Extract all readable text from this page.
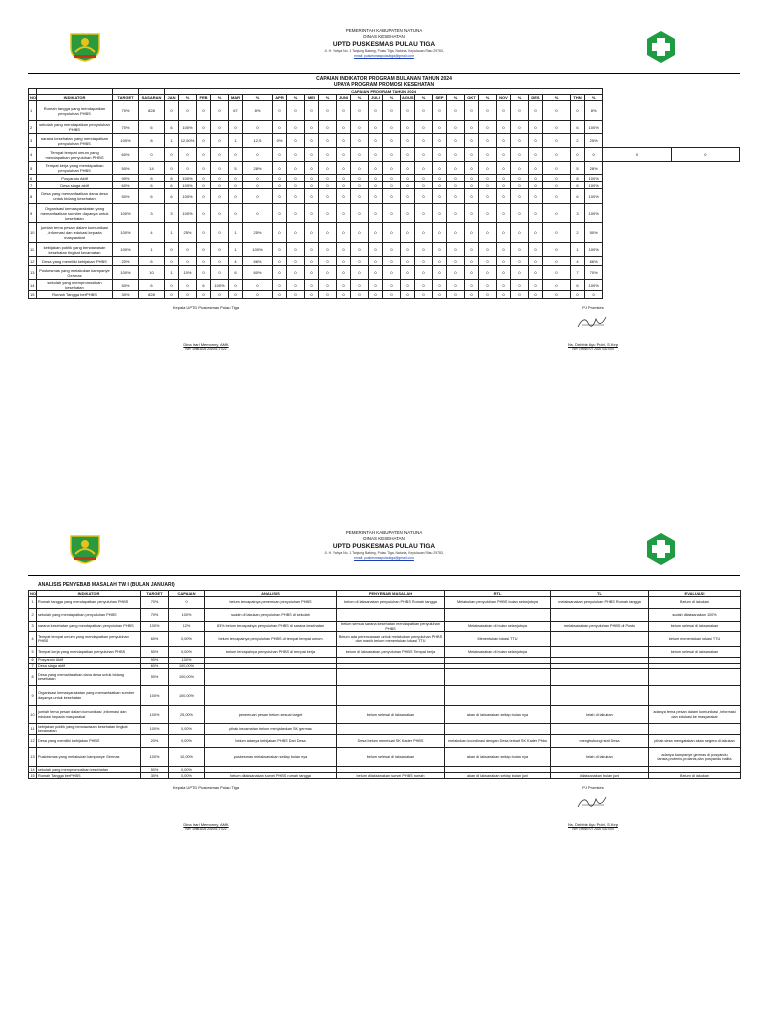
PEMERINTAH KABUPATEN NATUNA
DINAS KESEHATAN
UPTD PUSKESMAS PULAU TIGA
Jl. H. Yahya No. 1 Tanjung Batang, Pulau Tiga, Natuna, Kepulauan Riau 29783,
email: puskesmaspulautiga@gmail.com
CAPAIAN INDIKATOR PROGRAM BULANAN TAHUN 2024
UPAYA PROGRAM PROMOSI KESEHATAN
				CAPAIAN PROGRAM TAHUN 2024																											
NO	INDIKATOR	TARGET	SASARAN	JAN	%	FEB	%	MAR	%	APR	%	MEI	%	JUNI	%	JULI	%	AGUS	%	SEP	%	OKT	%	NOV	%	DES	%	THN	%		
1	Rumah tangga yang mendapatkan penyuluhan PHBS	70%	828	0	0	0	0	67	8%	0	0	0	0	0	0	0	0	0	0	0	0	0	0	0	0	0	0	0	8%		
2	sekolah yang mendapatkan penyuluhan PHBS	70%	6	6	100%	0	0	0	0	0	0	0	0	0	0	0	0	0	0	0	0	0	0	0	0	0	0	6	100%		
3	sarana kesehatan yang mendapatkan penyuluhan PHBS	100%	8	1	12,50%	0	0	1	12,5	0%	0	0	0	0	0	0	0	0	0	0	0	0	0	0	0	0	0	2	25%		
4	Tempat tempat umum yang mendapatkan penyuluhan PHBS	60%	0	0	0	0	0	0	0	0	0	0	0	0	0	0	0	0	0	0	0	0	0	0	0	0	0	0	0	0	0
5	Tempat kerja yang mendapatkan penyuluhan PHBS	50%	14	0	0	0	0	5	28%	0	0	0	0	0	0	0	0	0	0	0	0	0	0	0	0	0	0	5	28%		
6	Posyandu Aktif	90%	8	8	100%	0	0	0	0	0	0	0	0	0	0	0	0	0	0	0	0	0	0	0	0	0	0	8	100%		
7	Desa siaga aktif	60%	6	6	100%	0	0	0	0	0	0	0	0	0	0	0	0	0	0	0	0	0	0	0	0	0	0	6	100%		
8	Desa yang memanfaatkan dana desa untuk bidang kesehatan	50%	6	6	100%	0	0	0	0	0	0	0	0	0	0	0	0	0	0	0	0	0	0	0	0	0	0	6	100%		
9	Organisasi kemasyarakatan yang memanfaatkan sumber dayanya untuk kesehatan	100%	3	3	100%	0	0	0	0	0	0	0	0	0	0	0	0	0	0	0	0	0	0	0	0	0	0	3	100%		
10	jumlah tema pesan dalam komunikasi ,informasi dan edukasi kepada masyarakat	100%	4	1	25%	0	0	1	25%	0	0	0	0	0	0	0	0	0	0	0	0	0	0	0	0	0	0	2	50%		
11	kebijakan publik yang berwawasan kesehatan tingkat kecamatan	100%	1	0	0	0	0	1	100%	0	0	0	0	0	0	0	0	0	0	0	0	0	0	0	0	0	0	1	100%		
12	Desa yang memiliki kebijakan PHBS	20%	6	0	0	0	0	4	66%	0	0	0	0	0	0	0	0	0	0	0	0	0	0	0	0	0	0	4	66%		
13	Puskesmas yang melakukan kampanye Germas	100%	10	1	10%	0	0	6	60%	0	0	0	0	0	0	0	0	0	0	0	0	0	0	0	0	0	0	7	70%		
14	sekolah yang mempromosikan kesehatan	50%	6	0	0	6	100%	0	0	0	0	0	0	0	0	0	0	0	0	0	0	0	0	0	0	0	0	6	100%		
15	Rumah Tangga berPHBS	30%	828	0	0	0	0	0	0	0	0	0	0	0	0	0	0	0	0	0	0	0	0	0	0	0	0	0	0		
Kepala UPTD Puskesmas Pulau Tiga
Dina Irari Memonny, AMK
NIP. 19861106 201001 2 022
PJ Promkes
Ns. Debbie Ayu Putri, S.Kep
NIP. 19940707 2020 032 004
PEMERINTAH KABUPATEN NATUNA
DINAS KESEHATAN
UPTD PUSKESMAS PULAU TIGA
Jl. H. Yahya No. 1 Tanjung Batang, Pulau Tiga, Natuna, Kepulauan Riau 29783,
email: puskesmaspulautiga@gmail.com
ANALISIS PENYEBAB MASALAH TW I (BULAN JANUARI)
NO	INDIKATOR	TARGET	CAPAIAN	ANALISIS	PENYEBAB MASALAH	RTL	TL	EVALUASI
1	Rumah tangga yang mendapatkan penyuluhan PHBS	70%	0	belum tercapainya penemuan penyuluhan PHBS	belum di laksanakan penyuluhan PHBS Rumah tangga	Melakukan penyuluhan PHBS bulan selanjutnya	melaksanakan penyuluhan PHBS Rumah tangga	Belum di lakukan
2	sekolah yang mendapatkan penyuluhan PHBS	70%	100%	sudah di lakukan penyuluhan PHBS di sekolah				sudah dilaksanakan 100%
3	sarana kesehatan yang mendapatkan penyuluhan PHBS	100%	12%	83% belum tercapainya penyuluhan PHBS di sarana kesehatan	belum semua sarana kesehatan mendapatkan penyuluhan PHBS	Melaksanakan di bulan selanjutnya	melaksanakan penyuluhan PHBS di Pustu	belum selesai di laksanakan
4	Tempat tempat umum yang mendapatkan penyuluhan PHBS	60%	0,00%	belum tercapainya penyuluhan PHBS di tempat tempat umum	Belum ada perencanaan untuk melakukan penyuluhan PHBS dan masih belum menentukan lokasi TTU	Menentukan lokasi TTU		belum menentukan lokasi TTU
5	Tempat kerja yang mendapatkan penyuluhan PHBS	50%	0,00%	belum tercapainya penyuluhan PHBS di tempat kerja	belum di laksanakan penyuluhan PHBS Tempat kerja	Melaksanakan di bulan selanjutnya		belum selesai di laksanakan
6	Posyandu Aktif	90%	100%					
7	Desa siaga aktif	60%	100,00%					
8	Desa yang memanfaatkan dana desa untuk bidang kesehatan	50%	100,00%					
9	Organisasi kemasyarakatan yang memanfaatkan sumber dayanya untuk kesehatan	100%	100,00%					
10	jumlah tema pesan dalam komunikasi ,informasi dan edukasi kepada masyarakat	100%	25,00%	penemuan pesan belum sesuai target	belum selesai di laksanakan	akan di laksanakan setiap bulan nya	telah di lakukan	adanya tema pesan dalam komunikasi ,informasi dan edukasi ke masyarakat
11	kebijakan publik yang berwawasan kesehatan tingkat kecamatan	100%	0,00%	pihak kecamatan belum menjalankan SK germas				
12	Desa yang memiliki kebijakan PHBS	20%	0,00%	belum adanya kebijakan PHBS Dari Desa	Desa belum membuat SK Kader PHBS	melakukan koordinasi dengan Desa terkait SK Kader Phbs	menghubungi staf Desa	pihak desa mengatakan akan segera di lakukan
13	Puskesmas yang melakukan kampanye Germas	100%	10,00%	puskesmas melaksanakan setiap bulan nya	belum selesai di laksanakan	akan di laksanakan setiap bulan nya	telah di lakukan	adanya kampanye germas di posyandu lansia,protenis,prolanis,dan posyandu balita
14	sekolah yang mempromosikan kesehatan	50%	0,00%					
15	Rumah Tangga berPHBS	30%	0,00%	belum dilaksanakan survei PHBS rumah tangga	belum dilaksanakan survei PHBS rumah	akan di laksanakan setiap bulan juni	dilaksanakan bulan juni	Belum di lakukan
Kepala UPTD Puskesmas Pulau Tiga
Dina Irari Memonny, AMK
NIP. 19861106 201001 2 022
PJ Promkes
Ns. Debbie Ayu Putri, S.Kep
NIP. 19940707 2020 032 004
